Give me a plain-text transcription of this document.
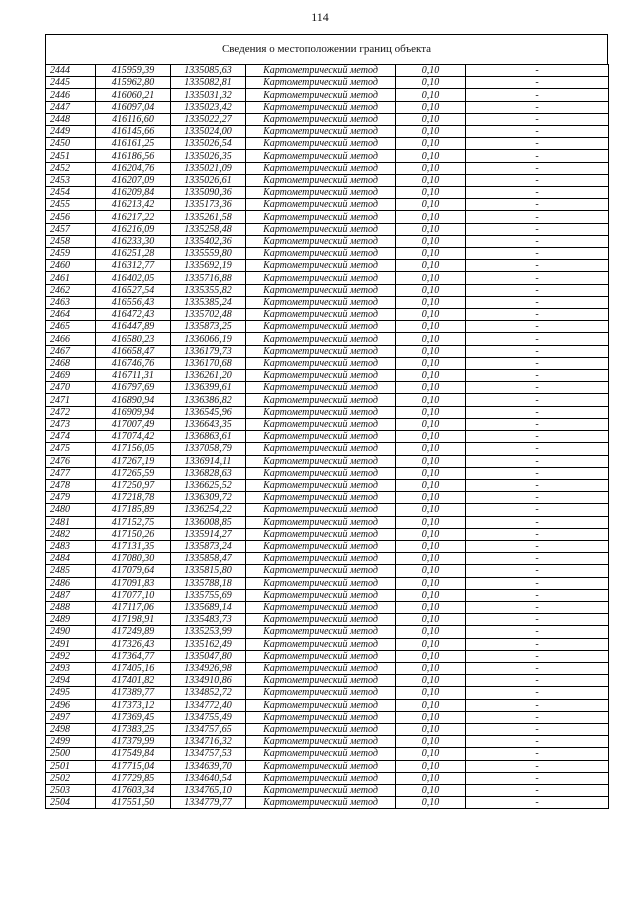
114
Сведения о местоположении границ объекта
2444	415959,39	1335085,63	Картометрический метод	0,10	-
2445	415962,80	1335082,81	Картометрический метод	0,10	-
2446	416060,21	1335031,32	Картометрический метод	0,10	-
2447	416097,04	1335023,42	Картометрический метод	0,10	-
2448	416116,60	1335022,27	Картометрический метод	0,10	-
2449	416145,66	1335024,00	Картометрический метод	0,10	-
2450	416161,25	1335026,54	Картометрический метод	0,10	-
2451	416186,56	1335026,35	Картометрический метод	0,10	-
2452	416204,76	1335021,09	Картометрический метод	0,10	-
2453	416207,09	1335026,61	Картометрический метод	0,10	-
2454	416209,84	1335090,36	Картометрический метод	0,10	-
2455	416213,42	1335173,36	Картометрический метод	0,10	-
2456	416217,22	1335261,58	Картометрический метод	0,10	-
2457	416216,09	1335258,48	Картометрический метод	0,10	-
2458	416233,30	1335402,36	Картометрический метод	0,10	-
2459	416251,28	1335559,80	Картометрический метод	0,10	-
2460	416312,77	1335692,19	Картометрический метод	0,10	-
2461	416402,05	1335716,88	Картометрический метод	0,10	-
2462	416527,54	1335355,82	Картометрический метод	0,10	-
2463	416556,43	1335385,24	Картометрический метод	0,10	-
2464	416472,43	1335702,48	Картометрический метод	0,10	-
2465	416447,89	1335873,25	Картометрический метод	0,10	-
2466	416580,23	1336066,19	Картометрический метод	0,10	-
2467	416658,47	1336179,73	Картометрический метод	0,10	-
2468	416746,76	1336170,68	Картометрический метод	0,10	-
2469	416711,31	1336261,20	Картометрический метод	0,10	-
2470	416797,69	1336399,61	Картометрический метод	0,10	-
2471	416890,94	1336386,82	Картометрический метод	0,10	-
2472	416909,94	1336545,96	Картометрический метод	0,10	-
2473	417007,49	1336643,35	Картометрический метод	0,10	-
2474	417074,42	1336863,61	Картометрический метод	0,10	-
2475	417156,05	1337058,79	Картометрический метод	0,10	-
2476	417267,19	1336914,11	Картометрический метод	0,10	-
2477	417265,59	1336828,63	Картометрический метод	0,10	-
2478	417250,97	1336625,52	Картометрический метод	0,10	-
2479	417218,78	1336309,72	Картометрический метод	0,10	-
2480	417185,89	1336254,22	Картометрический метод	0,10	-
2481	417152,75	1336008,85	Картометрический метод	0,10	-
2482	417150,26	1335914,27	Картометрический метод	0,10	-
2483	417131,35	1335873,24	Картометрический метод	0,10	-
2484	417080,30	1335858,47	Картометрический метод	0,10	-
2485	417079,64	1335815,80	Картометрический метод	0,10	-
2486	417091,83	1335788,18	Картометрический метод	0,10	-
2487	417077,10	1335755,69	Картометрический метод	0,10	-
2488	417117,06	1335689,14	Картометрический метод	0,10	-
2489	417198,91	1335483,73	Картометрический метод	0,10	-
2490	417249,89	1335253,99	Картометрический метод	0,10	-
2491	417326,43	1335162,49	Картометрический метод	0,10	-
2492	417364,77	1335047,80	Картометрический метод	0,10	-
2493	417405,16	1334926,98	Картометрический метод	0,10	-
2494	417401,82	1334910,86	Картометрический метод	0,10	-
2495	417389,77	1334852,72	Картометрический метод	0,10	-
2496	417373,12	1334772,40	Картометрический метод	0,10	-
2497	417369,45	1334755,49	Картометрический метод	0,10	-
2498	417383,25	1334757,65	Картометрический метод	0,10	-
2499	417379,99	1334716,32	Картометрический метод	0,10	-
2500	417549,84	1334757,53	Картометрический метод	0,10	-
2501	417715,04	1334639,70	Картометрический метод	0,10	-
2502	417729,85	1334640,54	Картометрический метод	0,10	-
2503	417603,34	1334765,10	Картометрический метод	0,10	-
2504	417551,50	1334779,77	Картометрический метод	0,10	-
